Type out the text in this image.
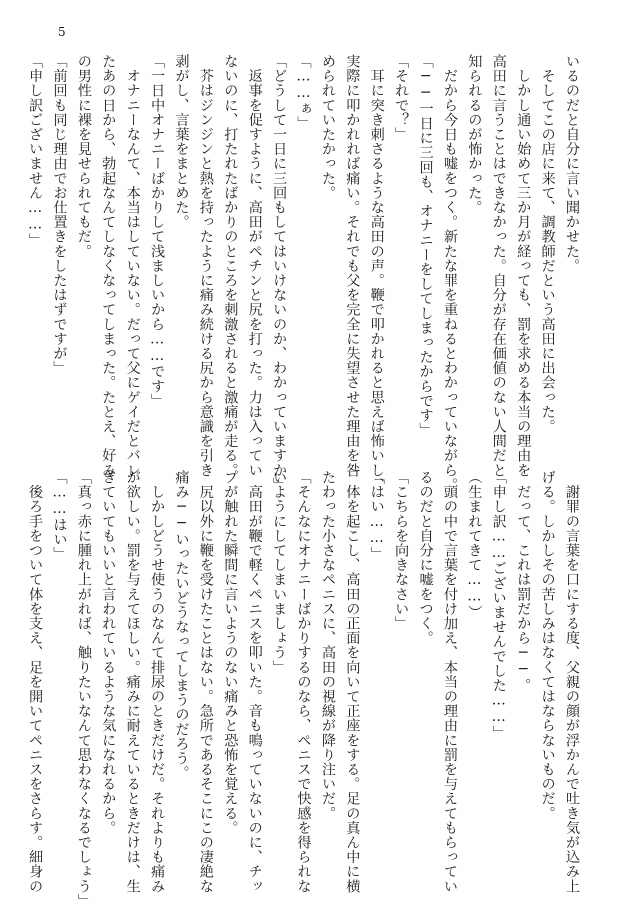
5
いるのだと自分に言い聞かせた。
　そしてこの店に来て、調教師だという高田に出会った。
　しかし通い始めて三か月が経っても、罰を求める本当の理由を
高田に言うことはできなかった。自分が存在価値のない人間だと
知られるのが怖かった。
　だから今日も嘘をつく。新たな罪を重ねるとわかっていながら。
「──一日に三回も、オナニーをしてしまったからです」
「それで？」
　耳に突き刺さるような高田の声。鞭で叩かれると思えば怖いし、
実際に叩かれれば痛い。それでも父を完全に失望させた理由を咎
められていたかった。
「……ぁ」
「どうして一日に三回もしてはいけないのか、わかっていますか」
　返事を促すように、高田がペチンと尻を打った。力は入ってい
ないのに、打たれたばかりのところを刺激されると激痛が走る。
　芥はジンジンと熱を持ったように痛み続ける尻から意識を引き
剥がし、言葉をまとめた。
「一日中オナニーばかりして浅ましいから……です」
　オナニーなんて、本当はしていない。だって父にゲイだとバレ
たあの日から、勃起なんてしなくなってしまった。たとえ、好み
の男性に裸を見せられてもだ。
「前回も同じ理由でお仕置きをしたはずですが」
「申し訳ございません……」
　謝罪の言葉を口にする度、父親の顔が浮かんで吐き気が込み上
げる。しかしその苦しみはなくてはならないものだ。
　だって、これは罰だから──。
「申し訳……ございませんでした……」
（生まれてきて……）
　頭の中で言葉を付け加え、本当の理由に罰を与えてもらってい
るのだと自分に嘘をつく。
「こちらを向きなさい」
「はい……」
　体を起こし、高田の正面を向いて正座をする。足の真ん中に横
たわった小さなペニスに、高田の視線が降り注いだ。
「そんなにオナニーばかりするのなら、ペニスで快感を得られな
いようにしてしまいましょう」
　高田が鞭で軽くペニスを叩いた。音も鳴っていないのに、チッ
プが触れた瞬間に言いようのない痛みと恐怖を覚える。
　尻以外に鞭を受けたことはない。急所であるそこにこの凄絶な
痛み──いったいどうなってしまうのだろう。
　しかしどうせ使うのなんて排尿のときだけだ。それよりも痛み
が欲しい。罰を与えてほしい。痛みに耐えているときだけは、生
きていてもいいと言われているような気になれるから。
「真っ赤に腫れ上がれば、触りたいなんて思わなくなるでしょう」
「……はい」
　後ろ手をついて体を支え、足を開いてペニスをさらす。細身の
